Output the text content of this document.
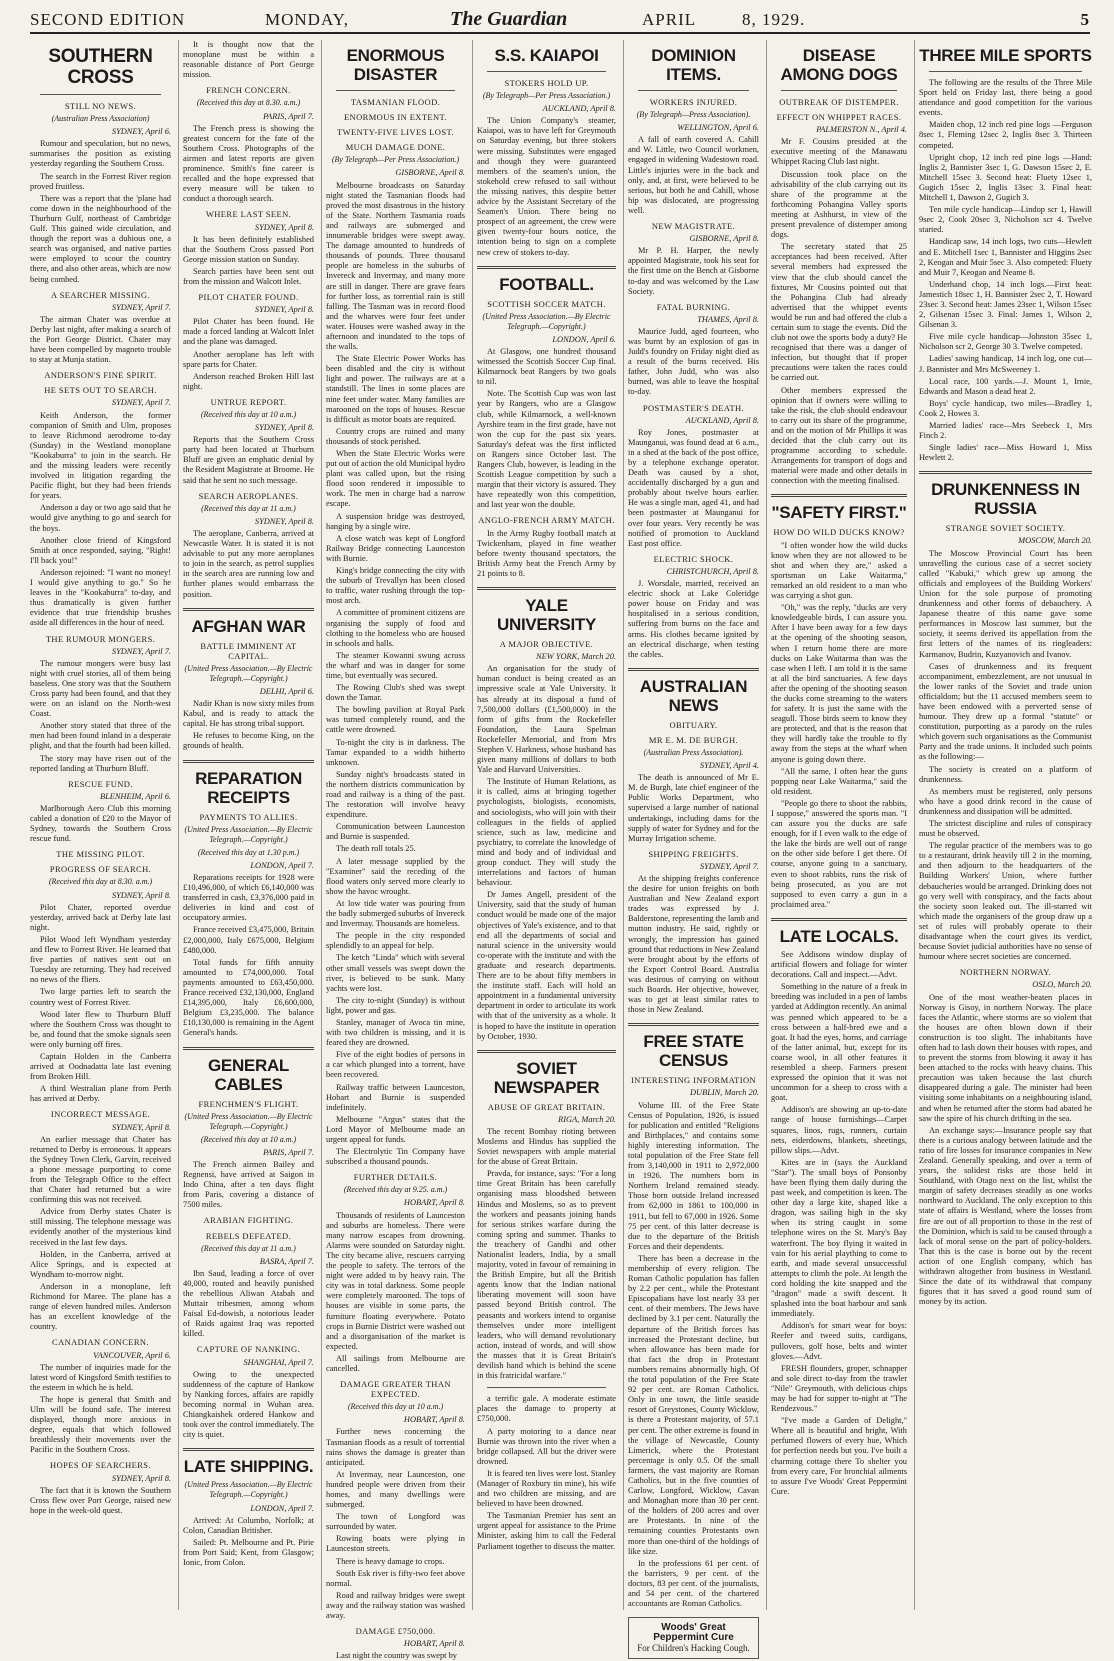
SECOND EDITION	MONDAY,	The Guardian	APRIL	8, 1929.	5
SOUTHERN CROSS
STILL NO NEWS.
(Australian Press Association)

SYDNEY, April 6.

Rumour and speculation, but no news, summarises the position as existing yesterday regarding the Southern Cross.

The search in the Forrest River region proved fruitless.

There was a report that the 'plane had come down in the neighbourhood of the Thurburn Gulf, northeast of Cambridge Gulf. This gained wide circulation, and though the report was a dubious one, a search was organised, and native parties were employed to scour the country there, and also other areas, which are now being combed.

A SEARCHER MISSING.

SYDNEY, April 7.

The airman Chater was overdue at Derby last night, after making a search of the Port George District. Chater may have been compelled by magneto trouble to stay at Munja station.

ANDERSON'S FINE SPIRIT.
HE SETS OUT TO SEARCH.

SYDNEY, April 7.

Keith Anderson, the former companion of Smith and Ulm, proposes to leave Richmond aerodrome to-day (Sunday) in the Westland monoplane "Kookaburra" to join in the search. He and the missing leaders were recently involved in litigation regarding the Pacific flight, but they had been friends for years.

Anderson a day or two ago said that he would give anything to go and search for the boys.

Another close friend of Kingsford Smith at once responded, saying, "Right! I'll back you!"

Anderson rejoined: "I want no money! I would give anything to go." So he leaves in the "Kookaburra" to-day, and thus dramatically is given further evidence that true friendship brushes aside all differences in the hour of need.

THE RUMOUR MONGERS.

SYDNEY, April 7.

The rumour mongers were busy last night with cruel stories, all of them being baseless. One story was that the Southern Cross party had been found, and that they were on an island on the North-west Coast.

Another story stated that three of the men had been found inland in a desperate plight, and that the fourth had been killed.

The story may have risen out of the reported landing at Thurburn Bluff.

RESCUE FUND.

BLENHEIM, April 6.

Marlborough Aero Club this morning cabled a donation of £20 to the Mayor of Sydney, towards the Southern Cross rescue fund.

THE MISSING PILOT.
PROGRESS OF SEARCH.
(Received this day at 8.30. a.m.)

SYDNEY, April 8.

Pilot Chater, reported overdue yesterday, arrived back at Derby late last night.

Pilot Wood left Wyndham yesterday and flew to Forrest River. He learned that five parties of natives sent out on Tuesday are returning. They had received no news of the fliers.

Two large parties left to search the country west of Forrest River.

Wood later flew to Thurburn Bluff where the Southern Cross was thought to be, and found that the smoke signals seen were only burning off fires.

Captain Holden in the Canberra arrived at Oodnadatta late last evening from Broken Hill.

A third Westralian plane from Perth has arrived at Derby.

INCORRECT MESSAGE.

SYDNEY, April 8.

An earlier message that Chater has returned to Derby is erroneous. It appears the Sydney Town Clerk, Garvin, received a phone message purporting to come from the Telegraph Office to the effect that Chater had returned but a wire confirming this was not received.

Advice from Derby states Chater is still missing. The telephone message was evidently another of the mysterious kind received in the last few days.

Holden, in the Canberra, arrived at Alice Springs, and is expected at Wyndham to-morrow night.

Anderson in a monoplane, left Richmond for Maree. The plane has a range of eleven hundred miles. Anderson has an excellent knowledge of the country.

CANADIAN CONCERN.

VANCOUVER, April 6.

The number of inquiries made for the latest word of Kingsford Smith testifies to the esteem in which he is held.

The hope is general that Smith and Ulm will be found safe. The interest displayed, though more anxious in degree, equals that which followed breathlessly their movements over the Pacific in the Southern Cross.

HOPES OF SEARCHERS.

SYDNEY, April 8.

The fact that it is known the Southern Cross flew over Port George, raised new hope in the week-old quest.

It is thought now that the monoplane must be within a reasonable distance of Port George mission.

FRENCH CONCERN.
(Received this day at 8.30. a.m.)

PARIS, April 7.

The French press is showing the greatest concern for the fate of the Southern Cross. Photographs of the airmen and latest reports are given prominence. Smith's fine career is recalled and the hope expressed that every measure will be taken to conduct a thorough search.

WHERE LAST SEEN.

SYDNEY, April 8.

It has been definitely established that the Southern Cross passed Port George mission station on Sunday.

Search parties have been sent out from the mission and Walcott Inlet.

PILOT CHATER FOUND.

SYDNEY, April 8.

Pilot Chater has been found. He made a forced landing at Walcott Inlet and the plane was damaged.

Another aeroplane has left with spare parts for Chater.

Anderson reached Broken Hill last night.

UNTRUE REPORT.
(Received this day at 10 a.m.)

SYDNEY, April 8.

Reports that the Southern Cross party had been located at Thurburn Bluff are given an emphatic denial by the Resident Magistrate at Broome. He said that he sent no such message.

SEARCH AEROPLANES.
(Received this day at 11 a.m.)

SYDNEY, April 8.

The aeroplane, Canberra, arrived at Newcastle Water. It is stated it is not advisable to put any more aeroplanes to join in the search, as petrol supplies in the search area are running low and further planes would embarrass the position.

AFGHAN WAR
BATTLE IMMINENT AT CAPITAL.
(United Press Association.—By Electric Telegraph.—Copyright.)

DELHI, April 6.

Nadir Khan is now sixty miles from Kabul, and is ready to attack the capital. He has strong tribal support.

He refuses to become King, on the grounds of health.

REPARATION RECEIPTS
PAYMENTS TO ALLIES.
(United Press Association.—By Electric Telegraph.—Copyright.)
(Received this day at 1.30 p.m.)

LONDON, April 7.

Reparations receipts for 1928 were £10,496,000, of which £6,140,000 was transferred in cash, £3,376,000 paid in deliveries in kind and cost of occupatory armies.

France received £3,475,000, Britain £2,000,000, Italy £675,000, Belgium £480,000.

Total funds for fifth annuity amounted to £74,000,000. Total payments amounted to £63,450,000. France received £32,130,000, England £14,395,000, Italy £6,600,000, Belgium £3,235,000. The balance £10,130,000 is remaining in the Agent General's hands.

GENERAL CABLES
FRENCHMEN'S FLIGHT.
(United Press Association.—By Electric Telegraph.—Copyright.)
(Received this day at 10 a.m.)

PARIS, April 7.

The French airmen Bailey and Regnensi, have arrived at Saigon in Indo China, after a ten days flight from Paris, covering a distance of 7500 miles.

ARABIAN FIGHTING.
REBELS DEFEATED.
(Received this day at 11 a.m.)

BASRA, April 7.

Ibn Saud, leading a force of over 40,000, routed and heavily punished the rebellious Aliwan Atabah and Muttair tribesmen, among whom Faisal Ed-dowish, a notorious leader of Raids against Iraq was reported killed.

CAPTURE OF NANKING.

SHANGHAI, April 7.

Owing to the unexpected suddenness of the capture of Hankow by Nanking forces, affairs are rapidly becoming normal in Wuhan area. Chiangkaishek ordered Hankow and took over the control immediately. The city is quiet.

LATE SHIPPING.
(United Press Association.—By Electric Telegraph.—Copyright.)

LONDON, April 7.

Arrived: At Columbo, Norfolk; at Colon, Canadian Britisher.

Sailed: Pt. Melbourne and Pt. Pirie from Port Said; Kent, from Glasgow; Ionic, from Colon.

ENORMOUS DISASTER
TASMANIAN FLOOD.
ENORMOUS IN EXTENT.
TWENTY-FIVE LIVES LOST.
MUCH DAMAGE DONE.
(By Telegraph—Per Press Association.)

GISBORNE, April 8.

Melbourne broadcasts on Saturday night stated the Tasmanian floods had proved the most disastrous in the history of the State. Northern Tasmania roads and railways are submerged and innumerable bridges were swept away. The damage amounted to hundreds of thousands of pounds. Three thousand people are homeless in the suburbs of Invereck and Invermay, and many more are still in danger. There are grave fears for further loss, as torrential rain is still falling. The Tasman was in record flood and the wharves were four feet under water. Houses were washed away in the afternoon and inundated to the tops of the walls.

The State Electric Power Works has been disabled and the city is without light and power. The railways are at a standstill. The lines in some places are nine feet under water. Many families are marooned on the tops of houses. Rescue is difficult as motor boats are required.

Country crops are ruined and many thousands of stock perished.

When the State Electric Works were put out of action the old Municipal hydro plant was called upon, but the rising flood soon rendered it impossible to work. The men in charge had a narrow escape.

A suspension bridge was destroyed, hanging by a single wire.

A close watch was kept of Longford Railway Bridge connecting Launceston with Burnie.

King's bridge connecting the city with the suburb of Trevallyn has been closed to traffic, water rushing through the top-most arch.

A committee of prominent citizens are organising the supply of food and clothing to the homeless who are housed in schools and halls.

The steamer Kowanni swung across the wharf and was in danger for some time, but eventually was secured.

The Rowing Club's shed was swept down the Tamar.

The bowling pavilion at Royal Park was turned completely round, and the cattle were drowned.

To-night the city is in darkness. The Tamar expanded to a width hitherto unknown.

Sunday night's broadcasts stated in the northern districts communication by road and railway is a thing of the past. The restoration will involve heavy expenditure.

Communication between Launceston and Burnie is suspended.

The death roll totals 25.

A later message supplied by the "Examiner" said the receding of the flood waters only served more clearly to show the havoc wrought.

At low tide water was pouring from the badly submerged suburbs of Invereck and Invermay. Thousands are homeless.

The people in the city responded splendidly to an appeal for help.

The ketch "Linda" which with several other small vessels was swept down the river, is believed to be sunk. Many yachts were lost.

The city to-night (Sunday) is without light, power and gas.

Stanley, manager of Avoca tin mine, with two children is missing, and it is feared they are drowned.

Five of the eight bodies of persons in a car which plunged into a torrent, have been recovered.

Railway traffic between Launceston, Hobart and Burnie is suspended indefinitely.

Melbourne "Argus" states that the Lord Mayor of Melbourne made an urgent appeal for funds.

The Electrolytic Tin Company have subscribed a thousand pounds.

FURTHER DETAILS.
(Received this day at 9.25. a.m.)

HOBART, April 8.

Thousands of residents of Launceston and suburbs are homeless. There were many narrow escapes from drowning. Alarms were sounded on Saturday night. The city became alive, rescuers carrying the people to safety. The terrors of the night were added to by heavy rain. The city was in total darkness. Some people were completely marooned. The tops of houses are visible in some parts, the furniture floating everywhere. Potato crops in Burnie District were washed out and a disorganisation of the market is expected.

All sailings from Melbourne are cancelled.

DAMAGE GREATER THAN EXPECTED.
(Received this day at 10 a.m.)

HOBART, April 8.

Further news concerning the Tasmanian floods as a result of torrential rains shows the damage is greater than anticipated.

At Invermay, near Launceston, one hundred people were driven from their homes, and many dwellings were submerged.

The town of Longford was surrounded by water.

Rowing boats were plying in Launceston streets.

There is heavy damage to crops.

South Esk river is fifty-two feet above normal.

Road and railway bridges were swept away and the railway station was washed away.

DAMAGE £750,000.

HOBART, April 8.

Last night the country was swept by

S.S. KAIAPOI
STOKERS HOLD UP.
(By Telegraph—Per Press Association.)

AUCKLAND, April 8.

The Union Company's steamer, Kaiapoi, was to have left for Greymouth on Saturday evening, but three stokers were missing. Substitutes were engaged and though they were guaranteed members of the seamen's union, the stokehold crew refused to sail without the missing natives, this despite better advice by the Assistant Secretary of the Seamen's Union. There being no prospect of an agreement, the crew were given twenty-four hours notice, the intention being to sign on a complete new crew of stokers to-day.

FOOTBALL.
SCOTTISH SOCCER MATCH.
(United Press Association.—By Electric Telegraph.—Copyright.)

LONDON, April 6.

At Glasgow, one hundred thousand witnessed the Scottish Soccer Cup final. Kilmarnock beat Rangers by two goals to nil.

Note. The Scottish Cup was won last year by Rangers, who are a Glasgow club, while Kilmarnock, a well-known Ayrshire team in the first grade, have not won the cup for the past six years. Saturday's defeat was the first inflicted on Rangers since October last. The Rangers Club, however, is leading in the Scottish League competition by such a margin that their victory is assured. They have repeatedly won this competition, and last year won the double.

ANGLO-FRENCH ARMY MATCH.

In the Army Rugby football match at Twickenham, played in fine weather before twenty thousand spectators, the British Army beat the French Army by 21 points to 8.

YALE UNIVERSITY
A MAJOR OBJECTIVE.

NEW YORK, March 20.

An organisation for the study of human conduct is being created as an impressive scale at Yale University. It has already at its disposal a fund of 7,500,000 dollars (£1,500,000) in the form of gifts from the Rockefeller Foundation, the Laura Spelman Rockefeller Memorial, and from Mrs Stephen V. Harkness, whose husband has given many millions of dollars to both Yale and Harvard Universities.

The Institute of Human Relations, as it is called, aims at bringing together psychologists, biologists, economists, and sociologists, who will join with their colleagues in the fields of applied science, such as law, medicine and psychiatry, to correlate the knowledge of mind and body and of individual and group conduct. They will study the interrelations and factors of human behaviour.

Dr James Angell, president of the University, said that the study of human conduct would be made one of the major objectives of Yale's existence, and to that end all the departments of social and natural science in the university would co-operate with the institute and with the graduate and research departments. There are to be about fifty members in the institute staff. Each will hold an appointment in a fundamental university department in order to articulate its work with that of the university as a whole. It is hoped to have the institute in operation by October, 1930.

SOVIET NEWSPAPER
ABUSE OF GREAT BRITAIN.

RIGA, March 20.

The recent Bombay rioting between Moslems and Hindus has supplied the Soviet newspapers with ample material for the abuse of Great Britain.

Pravda, for instance, says: "For a long time Great Britain has been carefully organising mass bloodshed between Hindus and Moslems, so as to prevent the workers and peasants joining hands for serious strikes warfare during the coming spring and summer. Thanks to the treachery of Gandhi and other Nationalist leaders, India, by a small majority, voted in favour of remaining in the British Empire, but all the British agents know that the Indian national liberating movement will soon have passed beyond British control. The peasants and workers intend to organise themselves under more intelligent leaders, who will demand revolutionary action, instead of words, and will show the masses that it is Great Britain's devilish hand which is behind the scene in this fratricidal warfare."

a terrific gale. A moderate estimate places the damage to property at £750,000.

A party motoring to a dance near Burnie was thrown into the river when a bridge collapsed. All but the driver were drowned.

It is feared ten lives were lost. Stanley (Manager of Roxbury tin mine), his wife and two children are missing, and are believed to have been drowned.

The Tasmanian Premier has sent an urgent appeal for assistance to the Prime Minister, asking him to call the Federal Parliament together to discuss the matter.

DOMINION ITEMS.
WORKERS INJURED.
(By Telegraph—Press Association).

WELLINGTON, April 6.

A fall of earth covered A. Cahill and W. Little, two Council workmen, engaged in widening Wadestown road. Little's injuries were in the back and only, and, at first, were believed to be serious, but both he and Cahill, whose hip was dislocated, are progressing well.

NEW MAGISTRATE.

GISBORNE, April 8.

Mr P. H. Harper, the newly appointed Magistrate, took his seat for the first time on the Bench at Gisborne to-day and was welcomed by the Law Society.

FATAL BURNING.

THAMES, April 8.

Maurice Judd, aged fourteen, who was burnt by an explosion of gas in Judd's foundry on Friday night died as a result of the burns received. His father, John Judd, who was also burned, was able to leave the hospital to-day.

POSTMASTER'S DEATH.

AUCKLAND, April 8.

Roy Jones, postmaster at Maunganui, was found dead at 6 a.m., in a shed at the back of the post office, by a telephone exchange operator. Death was caused by a shot, accidentally discharged by a gun and probably about twelve hours earlier. He was a single man, aged 41, and had been postmaster at Maunganui for over four years. Very recently he was notified of promotion to Auckland East post office.

ELECTRIC SHOCK.

CHRISTCHURCH, April 8.

J. Worsdale, married, received an electric shock at Lake Coleridge power house on Friday and was hospitalised in a serious condition, suffering from burns on the face and arms. His clothes became ignited by an electrical discharge, when testing the cables.

AUSTRALIAN NEWS
OBITUARY.
MR E. M. DE BURGH.
(Australian Press Association).

SYDNEY, April 4.

The death is announced of Mr E. M. de Burgh, late chief engineer of the Public Works Department, who supervised a large number of national undertakings, including dams for the supply of water for Sydney and for the Murray Irrigation scheme.

SHIPPING FREIGHTS.

SYDNEY, April 7.

At the shipping freights conference the desire for union freights on both Australian and New Zealand export trades was expressed by J. Balderstone, representing the lamb and mutton industry. He said, rightly or wrongly, the impression has gained ground that reductions in New Zealand were brought about by the efforts of the Export Control Board. Australia was desirous of carrying on without such Boards. Her objective, however, was to get at least similar rates to those in New Zealand.

FREE STATE CENSUS
INTERESTING INFORMATION

DUBLIN, March 20.

Volume III. of the Free State Census of Population, 1926, is issued for publication and entitled "Religions and Birthplaces," and contains some highly interesting information. The total population of the Free State fell from 3,140,000 in 1911 to 2,972,000 in 1926. The numbers born in Northern Ireland remained steady. Those born outside Ireland increased from 62,000 in 1861 to 100,000 in 1911, but fell to 67,000 in 1926. Some 75 per cent. of this latter decrease is due to the departure of the British Forces and their dependents.

There has been a decrease in the membership of every religion. The Roman Catholic population has fallen by 2.2 per cent., while the Protestant Episcopalians have lost nearly 33 per cent. of their members. The Jews have declined by 3.1 per cent. Naturally the departure of the British forces has increased the Protestant decline, but when allowance has been made for that fact the drop in Protestant numbers remains abnormally high. Of the total population of the Free State 92 per cent. are Roman Catholics. Only in one town, the little seaside resort of Greystones, County Wicklow, is there a Protestant majority, of 57.1 per cent. The other extreme is found in the village of Newcastle, County Limerick, where the Protestant percentage is only 0.5. Of the small farmers, the vast majority are Roman Catholics, but in the five counties of Carlow, Longford, Wicklow, Cavan and Monaghan more than 30 per cent. of the holders of 200 acres and over are Protestants. In nine of the remaining counties Protestants own more than one-third of the holdings of like size.

In the professions 61 per cent. of the barristers, 9 per cent. of the doctors, 83 per cent. of the journalists, and 54 per cent. of the chartered accountants are Roman Catholics.

Woods' Great Peppermint Cure
For Children's Hacking Cough.
DISEASE AMONG DOGS
OUTBREAK OF DISTEMPER.
EFFECT ON WHIPPET RACES.

PALMERSTON N., April 4.

Mr F. Cousins presided at the executive meeting of the Manawatu Whippet Racing Club last night.

Discussion took place on the advisability of the club carrying out its share of the programme at the forthcoming Pohangina Valley sports meeting at Ashhurst, in view of the present prevalence of distemper among dogs.

The secretary stated that 25 acceptances had been received. After several members had expressed the view that the club should cancel the fixtures, Mr Cousins pointed out that the Pohangina Club had already advertised that the whippet events would be run and had offered the club a certain sum to stage the events. Did the club not owe the sports body a duty? He recognised that there was a danger of infection, but thought that if proper precautions were taken the races could be carried out.

Other members expressed the opinion that if owners were willing to take the risk, the club should endeavour to carry out its share of the programme, and on the motion of Mr Phillips it was decided that the club carry out its programme according to schedule. Arrangements for transport of dogs and material were made and other details in connection with the meeting finalised.

"SAFETY FIRST."
HOW DO WILD DUCKS KNOW?

"I often wonder how the wild ducks know when they are not allowed to be shot and when they are," asked a sportsman on Lake Waitarma," remarked an old resident to a man who was carrying a shot gun.

"Oh," was the reply, "ducks are very knowledgeable birds, I can assure you. After I have been away for a few days at the opening of the shooting season, when I return home there are more ducks on Lake Waitarma than was the case when I left. I am told it is the same at all the bird sanctuaries. A few days after the opening of the shooting season the ducks come streaming to the waters for safety. It is just the same with the seagull. Those birds seem to know they are protected, and that is the reason that they will hardly take the trouble to fly away from the steps at the wharf when anyone is going down there.

"All the same, I often hear the guns popping near Lake Waitarma," said the old resident.

"People go there to shoot the rabbits, I suppose," answered the sports man. "I can assure you the ducks are safe enough, for if I even walk to the edge of the lake the birds are well out of range on the other side before I get there. Of course, anyone going to a sanctuary, even to shoot rabbits, runs the risk of being prosecuted, as you are not supposed to even carry a gun in a proclaimed area."

LATE LOCALS.

See Addisons window display of artificial flowers and foliage for winter decorations. Call and inspect.—Advt.

Something in the nature of a freak in breeding was included in a pen of lambs yarded at Addington recently. An animal was penned which appeared to be a cross between a half-bred ewe and a goat. It had the eyes, horns, and carriage of the latter animal, but, except for its coarse wool, in all other features it resembled a sheep. Farmers present expressed the opinion that it was not uncommon for a sheep to cross with a goat.

Addison's are showing an up-to-date range of house furnishings—Carpet squares, linos, rugs, runners, curtain nets, eiderdowns, blankets, sheetings, pillow slips.—Advt.

Kites are in (says the Auckland "Star"). The small boys of Ponsonby have been flying them daily during the past week, and competition is keen. The other day a large kite, shaped like a dragon, was sailing high in the sky when its string caught in some telephone wires on the St. Mary's Bay waterfront. The boy flying it waited in vain for his aerial plaything to come to earth, and made several unsuccessful attempts to climb the pole. At length the cord holding the kite snapped and the "dragon" made a swift descent. It splashed into the boat harbour and sank immediately.

Addison's for smart wear for boys: Reefer and tweed suits, cardigans, pullovers, golf hose, belts and winter gloves.—Advt.

FRESH flounders, groper, schnapper and sole direct to-day from the trawler "Nile" Greymouth, with delicious chips may be had for supper to-night at "The Rendezvous."

"I've made a Garden of Delight," Where all is beautiful and bright, With perfumed flowers of every hue, Which for perfection needs but you. I've built a charming cottage there To shelter you from every care, For bronchial ailments to assure I've Woods' Great Peppermint Cure.

THREE MILE SPORTS

The following are the results of the Three Mile Sport held on Friday last, there being a good attendance and good competition for the various events.

Maiden chop, 12 inch red pine logs —Ferguson 8sec 1, Fleming 12sec 2, Inglis 8sec 3. Thirteen competed.

Upright chop, 12 inch red pine logs —Hand: Inglis 2, Bannister 3sec 1, G. Dawson 15sec 2, E. Mitchell 15sec 3. Second heat: Fluety 12sec 1, Gugich 15sec 2, Inglis 13sec 3. Final heat: Mitchell 1, Dawson 2, Gugich 3.

Ten mile cycle handicap—Lindop scr 1, Hawill 9sec 2, Cook 20sec 3, Nicholson scr 4. Twelve started.

Handicap saw, 14 inch logs, two cuts—Hewlett and E. Mitchell 1sec 1, Bannister and Higgins 2sec 2, Keogan and Muir 5sec 3. Also competed: Fluety and Muir 7, Keogan and Neame 8.

Underhand chop, 14 inch logs.—First heat: Jamestich 18sec 1, H. Bannister 2sec 2, T. Howard 23sec 3. Second heat: James 23sec 1, Wilson 15sec 2, Gilsenan 15sec 3. Final: James 1, Wilson 2, Gilsenan 3.

Five mile cycle handicap—Johnston 35sec 1, Nicholson scr 2, George 30 3. Twelve competed.

Ladies' sawing handicap, 14 inch log, one cut—J. Bannister and Mrs McSweeney 1.

Local race, 100 yards.—J. Mount 1, Irnie, Edwards and Mason a dead heat 2.

Boys' cycle handicap, two miles—Bradley 1, Cook 2, Howes 3.

Married ladies' race—Mrs Seebeck 1, Mrs Finch 2.

Single ladies' race—Miss Howard 1, Miss Hewlett 2.

DRUNKENNESS IN RUSSIA
STRANGE SOVIET SOCIETY.

MOSCOW, March 20.

The Moscow Provincial Court has been unravelling the curious case of a secret society called "Kabuki," which grew up among the officials and employees of the Building Workers' Union for the sole purpose of promoting drunkenness and other forms of debauchery. A Japanese theatre of this name gave some performances in Moscow last summer, but the society, it seems derived its appellation from the first letters of the names of its ringleaders: Karmanov, Budrin, Kuzyanovich and Ivanov.

Cases of drunkenness and its frequent accompaniment, embezzlement, are not unusual in the lower ranks of the Soviet and trade union officialdom; but the 11 accused members seem to have been endowed with a perverted sense of humour. They drew up a formal "statute" or constitution, purporting as a parody on the rules which govern such organisations as the Communist Party and the trade unions. It included such points as the following:—

The society is created on a platform of drunkenness.

As members must be registered, only persons who have a good drink record in the cause of drunkenness and dissipation will be admitted.

The strictest discipline and rules of conspiracy must be observed.

The regular practice of the members was to go to a restaurant, drink heavily till 2 in the morning, and then adjourn to the headquarters of the Building Workers' Union, where further debaucheries would be arranged. Drinking does not go very well with conspiracy, and the facts about the society soon leaked out. The ill-starred wit which made the organisers of the group draw up a set of rules will probably operate to their disadvantage when the court gives its verdict, because Soviet judicial authorities have no sense of humour where secret societies are concerned.

NORTHERN NORWAY.

OSLO, March 20.

One of the most weather-beaten places in Norway is Gisoy, in northern Norway. The place faces the Atlantic, where storms are so violent that the houses are often blown down if their construction is too slight. The inhabitants have often had to lash down their houses with ropes, and to prevent the storms from blowing it away it has been attached to the rocks with heavy chains. This precaution was taken because the last church disappeared during a gale. The minister had been visiting some inhabitants on a neighbouring island, and when he returned after the storm had abated he saw the spire of his church drifting in the sea.

An exchange says:—Insurance people say that there is a curious analogy between latitude and the ratio of fire losses for insurance companies in New Zealand. Generally speaking, and over a term of years, the solidest risks are those held in Southland, with Otago next on the list, whilst the margin of safety decreases steadily as one works northward to Auckland. The only exception to this state of affairs is Westland, where the losses from fire are out of all proportion to those in the rest of the Dominion, which is said to be caused through a lack of moral sense on the part of policy-holders. That this is the case is borne out by the recent action of one English company, which has withdrawn altogether from business in Westland. Since the date of its withdrawal that company figures that it has saved a good round sum of money by its action.
